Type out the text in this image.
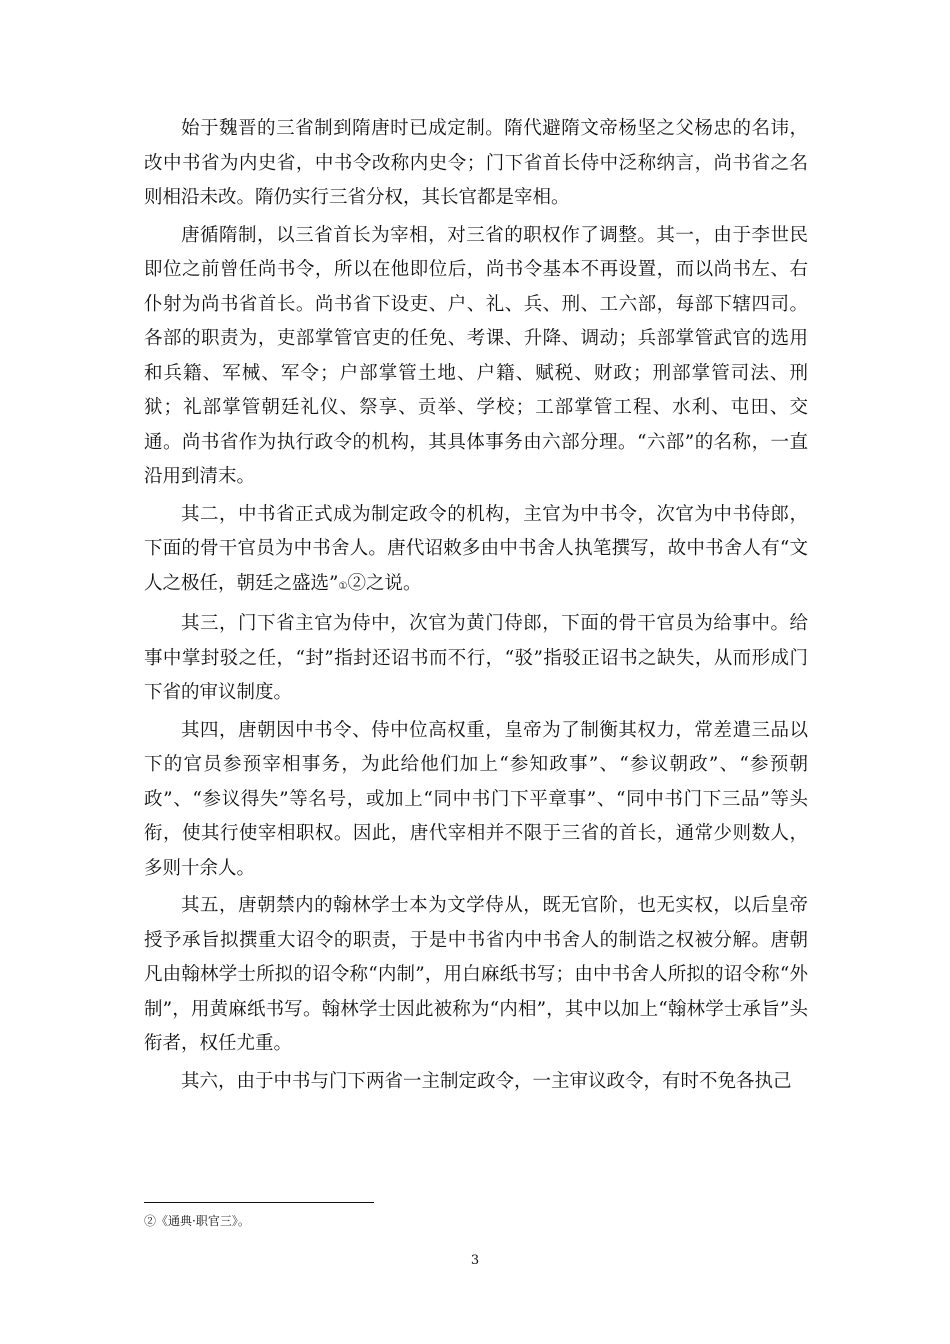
始于魏晋的三省制到隋唐时已成定制。隋代避隋文帝杨坚之父杨忠的名讳，改中书省为内史省，中书令改称内史令；门下省首长侍中泛称纳言，尚书省之名则相沿未改。隋仍实行三省分权，其长官都是宰相。

唐循隋制，以三省首长为宰相，对三省的职权作了调整。其一，由于李世民即位之前曾任尚书令，所以在他即位后，尚书令基本不再设置，而以尚书左、右仆射为尚书省首长。尚书省下设吏、户、礼、兵、刑、工六部，每部下辖四司。各部的职责为，吏部掌管官吏的任免、考课、升降、调动；兵部掌管武官的选用和兵籍、军械、军令；户部掌管土地、户籍、赋税、财政；刑部掌管司法、刑狱；礼部掌管朝廷礼仪、祭享、贡举、学校；工部掌管工程、水利、屯田、交通。尚书省作为执行政令的机构，其具体事务由六部分理。“六部”的名称，一直沿用到清末。

其二，中书省正式成为制定政令的机构，主官为中书令，次官为中书侍郎，下面的骨干官员为中书舍人。唐代诏敕多由中书舍人执笔撰写，故中书舍人有“文人之极任，朝廷之盛选”①②之说。

其三，门下省主官为侍中，次官为黄门侍郎，下面的骨干官员为给事中。给事中掌封驳之任，“封”指封还诏书而不行，“驳”指驳正诏书之缺失，从而形成门下省的审议制度。

其四，唐朝因中书令、侍中位高权重，皇帝为了制衡其权力，常差遣三品以下的官员参预宰相事务，为此给他们加上“参知政事”、“参议朝政”、“参预朝政”、“参议得失”等名号，或加上“同中书门下平章事”、“同中书门下三品”等头衔，使其行使宰相职权。因此，唐代宰相并不限于三省的首长，通常少则数人，多则十余人。

其五，唐朝禁内的翰林学士本为文学侍从，既无官阶，也无实权，以后皇帝授予承旨拟撰重大诏令的职责，于是中书省内中书舍人的制诰之权被分解。唐朝凡由翰林学士所拟的诏令称“内制”，用白麻纸书写；由中书舍人所拟的诏令称“外制”，用黄麻纸书写。翰林学士因此被称为“内相”，其中以加上“翰林学士承旨”头衔者，权任尤重。

其六，由于中书与门下两省一主制定政令，一主审议政令，有时不免各执己

②《通典·职官三》。
3
